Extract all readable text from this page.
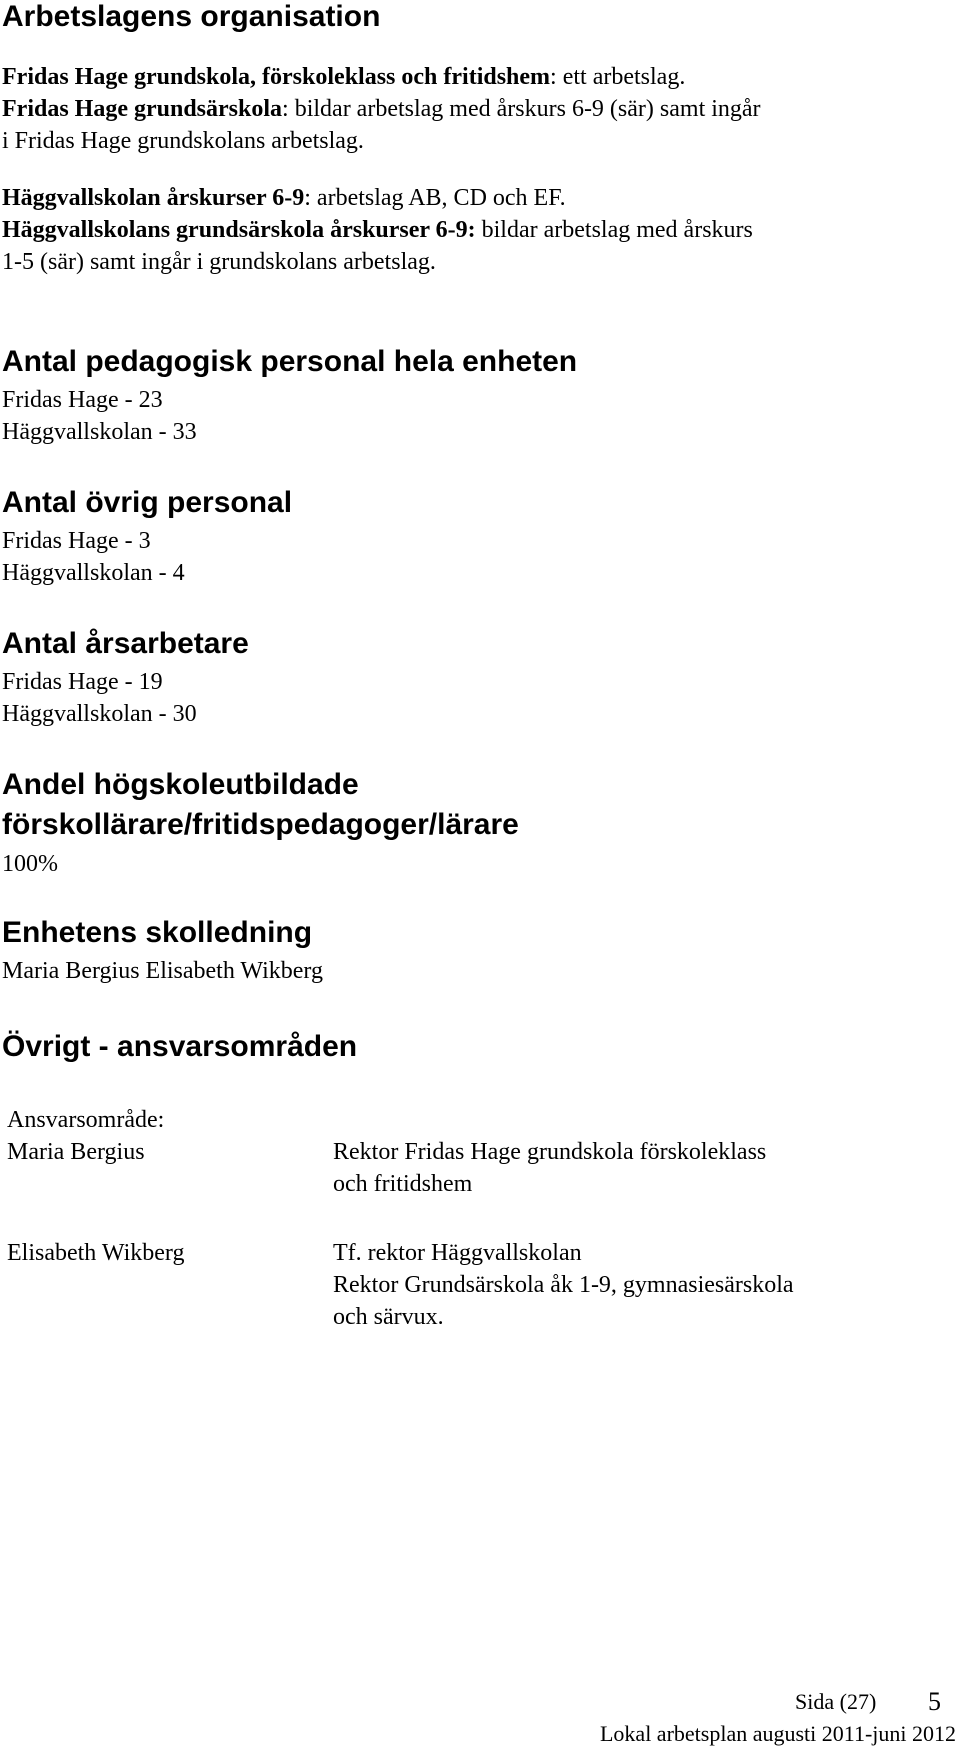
Arbetslagens organisation
Fridas Hage grundskola, förskoleklass och fritidshem: ett arbetslag.
Fridas Hage grundsärskola: bildar arbetslag med årskurs 6-9 (sär) samt ingår
i Fridas Hage grundskolans arbetslag.
Häggvallskolan årskurser 6-9: arbetslag AB, CD och EF.
Häggvallskolans grundsärskola årskurser 6-9: bildar arbetslag med årskurs
1-5 (sär) samt ingår i grundskolans arbetslag.
Antal pedagogisk personal hela enheten
Fridas Hage - 23
Häggvallskolan - 33
Antal övrig personal
Fridas Hage - 3
Häggvallskolan - 4
Antal årsarbetare
Fridas Hage - 19
Häggvallskolan - 30
Andel högskoleutbildade
förskollärare/fritidspedagoger/lärare
100%
Enhetens skolledning
Maria Bergius Elisabeth Wikberg
Övrigt - ansvarsområden
Ansvarsområde:
Maria Bergius	Rektor Fridas Hage grundskola förskoleklass
och fritidshem
Elisabeth Wikberg	Tf. rektor Häggvallskolan
Rektor Grundsärskola åk 1-9, gymnasiesärskola
och särvux.
Sida (27) 5
Lokal arbetsplan augusti 2011-juni 2012
